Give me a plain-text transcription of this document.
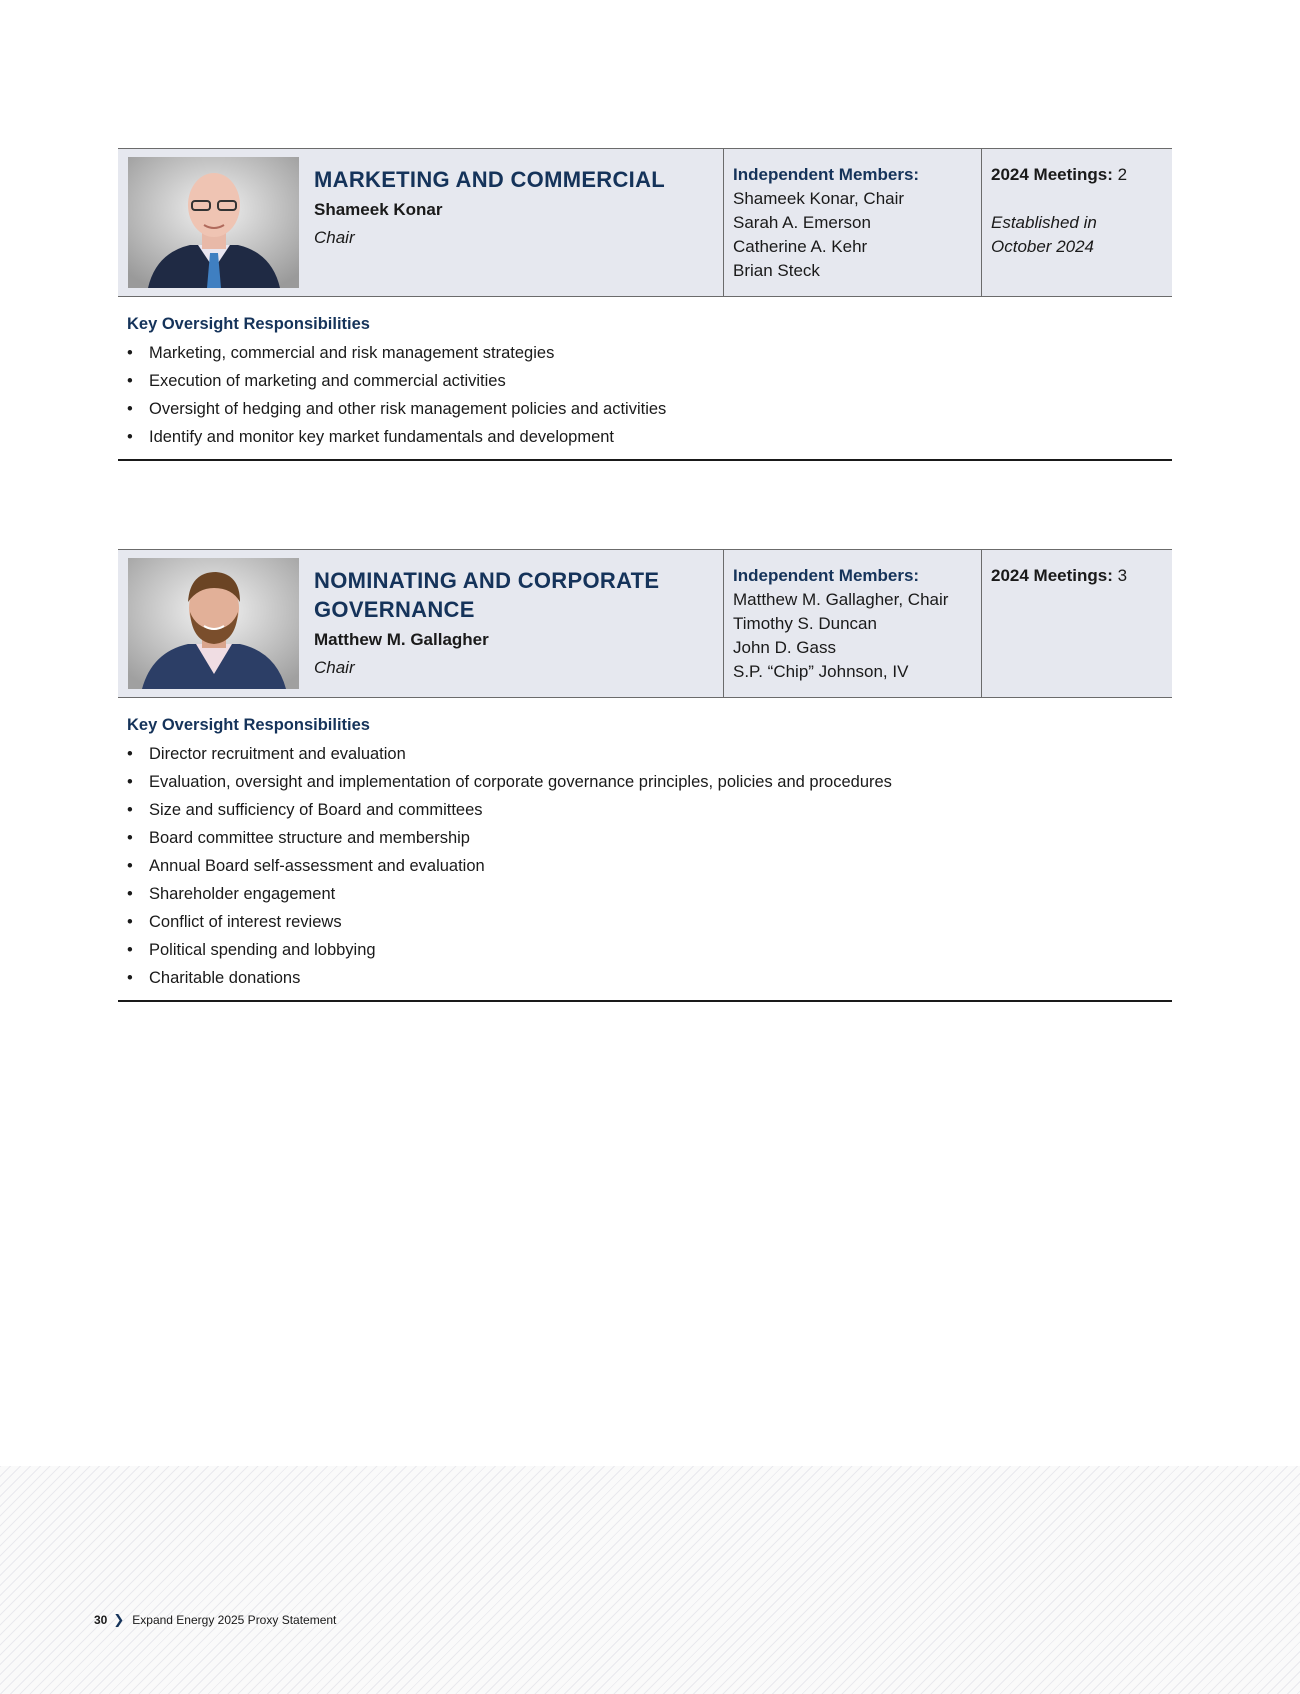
MARKETING AND COMMERCIAL
Shameek Konar
Chair
Independent Members:
Shameek Konar, Chair
Sarah A. Emerson
Catherine A. Kehr
Brian Steck
2024 Meetings: 2
Established in
October 2024
Key Oversight Responsibilities
• Marketing, commercial and risk management strategies
• Execution of marketing and commercial activities
• Oversight of hedging and other risk management policies and activities
• Identify and monitor key market fundamentals and development
NOMINATING AND CORPORATE
GOVERNANCE
Matthew M. Gallagher
Chair
Independent Members:
Matthew M. Gallagher, Chair
Timothy S. Duncan
John D. Gass
S.P. “Chip” Johnson, IV
2024 Meetings: 3
Key Oversight Responsibilities
• Director recruitment and evaluation
• Evaluation, oversight and implementation of corporate governance principles, policies and procedures
• Size and sufficiency of Board and committees
• Board committee structure and membership
• Annual Board self-assessment and evaluation
• Shareholder engagement
• Conflict of interest reviews
• Political spending and lobbying
• Charitable donations
30 ❯ Expand Energy 2025 Proxy Statement
